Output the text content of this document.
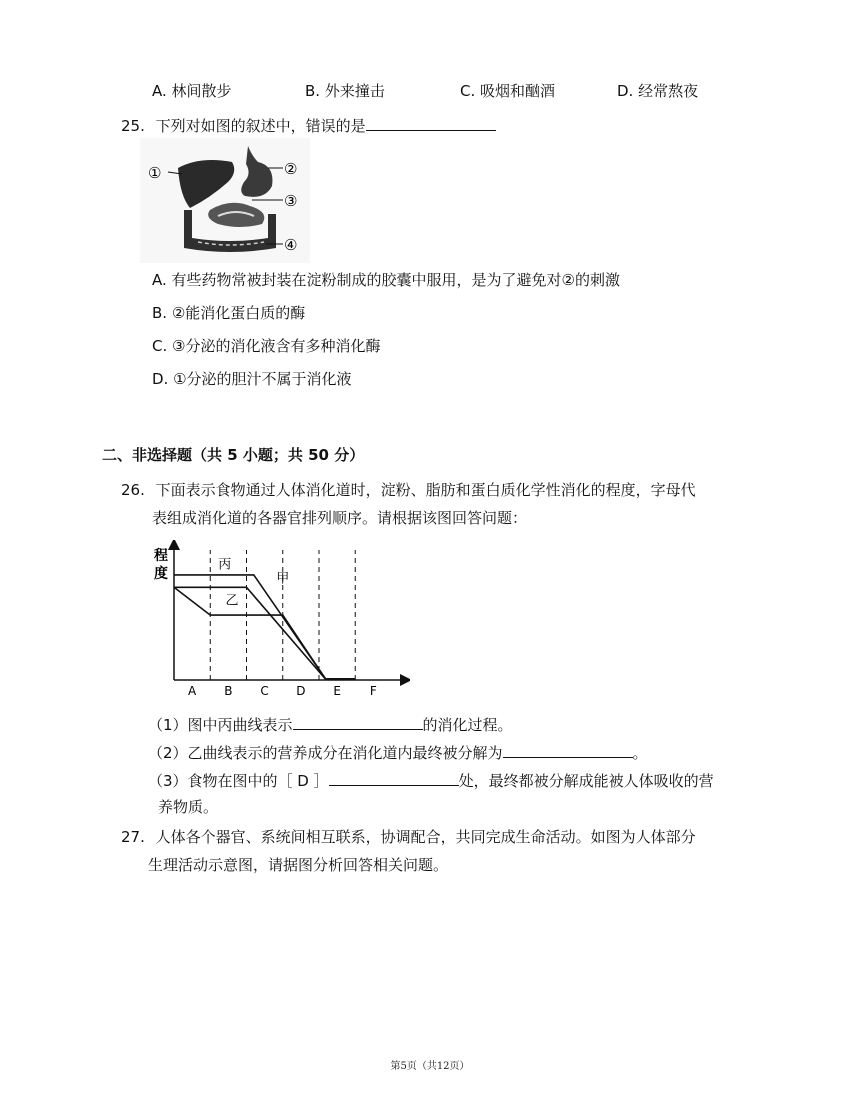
A. 林间散步	B. 外来撞击	C. 吸烟和酗酒	D. 经常熬夜
25. 下列对如图的叙述中，错误的是
①	②
③
④
A. 有些药物常被封装在淀粉制成的胶囊中服用，是为了避免对②的刺激
B. ②能消化蛋白质的酶
C. ③分泌的消化液含有多种消化酶
D. ①分泌的胆汁不属于消化液
二、非选择题（共 5 小题；共 50 分）
26. 下面表示食物通过人体消化道时，淀粉、脂肪和蛋白质化学性消化的程度，字母代
表组成消化道的各器官排列顺序。请根据该图回答问题：
程
度
A B C D E F
丙
甲
乙
（1）图中丙曲线表示	的消化过程。
（2）乙曲线表示的营养成分在消化道内最终被分解为	。
（3）食物在图中的［ D ］	处，最终都被分解成能被人体吸收的营
养物质。
27. 人体各个器官、系统间相互联系，协调配合，共同完成生命活动。如图为人体部分
生理活动示意图，请据图分析回答相关问题。
第5页（共12页）
